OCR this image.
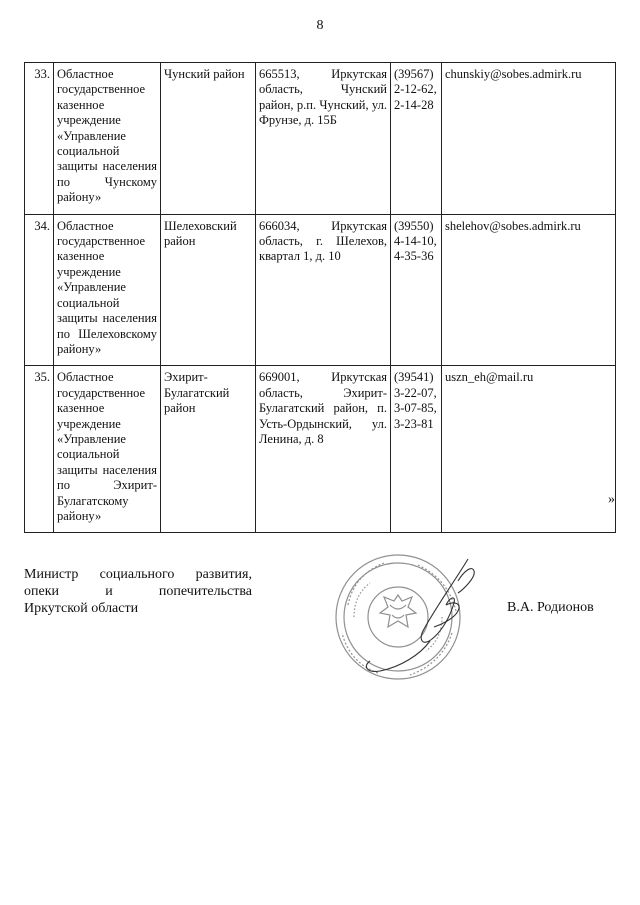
8
33.	Областное государственное казенное учреждение «Управление социальной защиты населения по Чунскому району»	Чунский район	665513, Иркутская область, Чунский район, р.п. Чунский, ул. Фрунзе, д. 15Б	(39567)
2-12-62,
2-14-28	chunskiy@sobes.admirk.ru
34.	Областное государственное казенное учреждение «Управление социальной защиты населения по Шелеховскому району»	Шелеховский район	666034, Иркутская область, г. Шелехов, квартал 1, д. 10	(39550)
4-14-10,
4-35-36	shelehov@sobes.admirk.ru
35.	Областное государственное казенное учреждение «Управление социальной защиты населения по Эхирит-Булагатскому району»	Эхирит-Булагатский район	669001, Иркутская область, Эхирит-Булагатский район, п. Усть-Ордынский, ул. Ленина, д. 8	(39541)
3-22-07,
3-07-85,
3-23-81	uszn_eh@mail.ru
»
Министр социального развития,
опеки и попечительства
Иркутской области	В.А. Родионов
